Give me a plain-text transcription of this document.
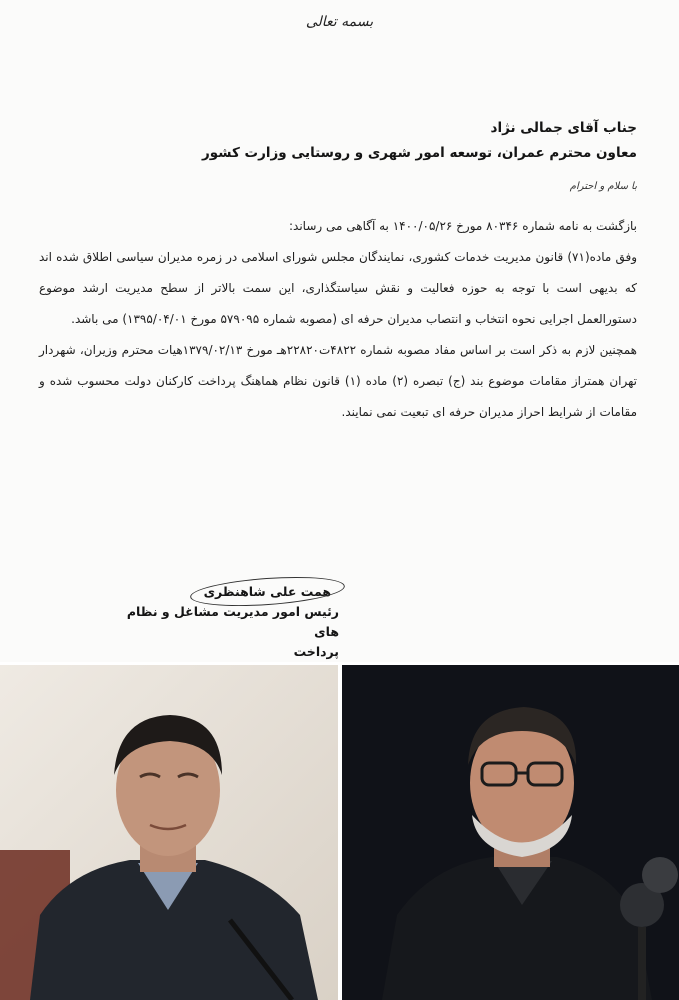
بسمه تعالی
جناب آقای جمالی نژاد
معاون محترم عمران، توسعه امور شهری و روستایی وزارت کشور
با سلام و احترام

بازگشت به نامه شماره ۸۰۳۴۶ مورخ ۱۴۰۰/۰۵/۲۶ به آگاهی می رساند:

وفق ماده(۷۱) قانون مدیریت خدمات کشوری، نمایندگان مجلس شورای اسلامی در زمره مدیران سیاسی اطلاق شده اند که بدیهی است با توجه به حوزه فعالیت و نقش سیاستگذاری، این سمت بالاتر از سطح مدیریت ارشد موضوع دستورالعمل اجرایی نحوه انتخاب و انتصاب مدیران حرفه ای (مصوبه شماره ۵۷۹۰۹۵ مورخ ۱۳۹۵/۰۴/۰۱) می باشد.

همچنین لازم به ذکر است بر اساس مفاد مصوبه شماره ۴۸۲۲ت۲۲۸۲۰هـ مورخ ۱۳۷۹/۰۲/۱۳هیات محترم وزیران، شهردار تهران همتراز مقامات موضوع بند (ج) تبصره (۲) ماده (۱) قانون نظام هماهنگ پرداخت کارکنان دولت محسوب شده و مقامات از شرایط احراز مدیران حرفه ای تبعیت نمی نمایند.

همت علی شاهنظری
رئیس امور مدیریت مشاغل و نظام های
پرداخت
